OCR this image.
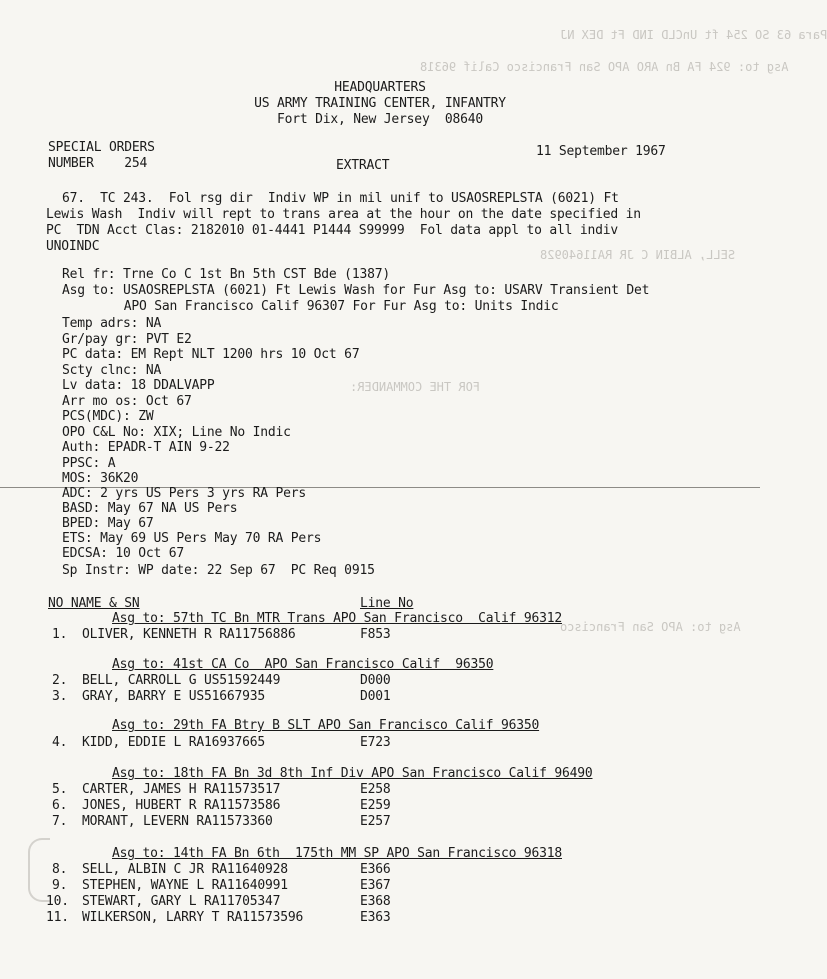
Para 63 SO 254 ft UnCLD IND Ft DEX NJ
Asg to: 924 FA Bn ARO APO San Francisco Calif 96318
SELL, ALBIN C JR RA11640928
FOR THE COMMANDER:
Asg to: APO San Francisco
HEADQUARTERS
US ARMY TRAINING CENTER, INFANTRY
Fort Dix, New Jersey  08640
SPECIAL ORDERS
NUMBER    254	EXTRACT
11 September 1967
67.  TC 243.  Fol rsg dir  Indiv WP in mil unif to USAOSREPLSTA (6021) Ft
Lewis Wash  Indiv will rept to trans area at the hour on the date specified in
PC  TDN Acct Clas: 2182010 01-4441 P1444 S99999  Fol data appl to all indiv
UNOINDC
Rel fr: Trne Co C 1st Bn 5th CST Bde (1387)
Asg to: USAOSREPLSTA (6021) Ft Lewis Wash for Fur Asg to: USARV Transient Det
APO San Francisco Calif 96307 For Fur Asg to: Units Indic
Temp adrs: NA
Gr/pay gr: PVT E2
PC data: EM Rept NLT 1200 hrs 10 Oct 67
Scty clnc: NA
Lv data: 18 DDALVAPP
Arr mo os: Oct 67
PCS(MDC): ZW
OPO C&L No: XIX; Line No Indic
Auth: EPADR-T AIN 9-22
PPSC: A
MOS: 36K20
ADC: 2 yrs US Pers 3 yrs RA Pers
BASD: May 67 NA US Pers
BPED: May 67
ETS: May 69 US Pers May 70 RA Pers
EDCSA: 10 Oct 67
Sp Instr: WP date: 22 Sep 67  PC Req 0915
NO NAME & SN	Line No
Asg to: 57th TC Bn MTR Trans APO San Francisco  Calif 96312
1. OLIVER, KENNETH R RA11756886	F853
Asg to: 41st CA Co  APO San Francisco Calif  96350
2. BELL, CARROLL G US51592449	D000
3. GRAY, BARRY E US51667935	D001
Asg to: 29th FA Btry B SLT APO San Francisco Calif 96350
4. KIDD, EDDIE L RA16937665	E723
Asg to: 18th FA Bn 3d 8th Inf Div APO San Francisco Calif 96490
5. CARTER, JAMES H RA11573517	E258
6. JONES, HUBERT R RA11573586	E259
7. MORANT, LEVERN RA11573360	E257
Asg to: 14th FA Bn 6th  175th MM SP APO San Francisco 96318
8. SELL, ALBIN C JR RA11640928	E366
9. STEPHEN, WAYNE L RA11640991	E367
10. STEWART, GARY L RA11705347	E368
11. WILKERSON, LARRY T RA11573596	E363
